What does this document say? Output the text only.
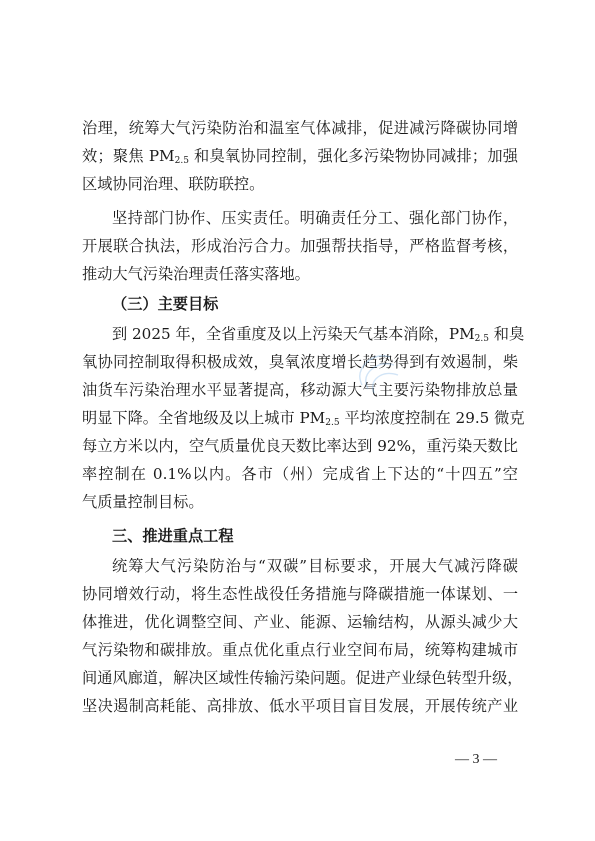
治理，统筹大气污染防治和温室气体减排，促进减污降碳协同增
效；聚焦 $PM_{2.5}$ 和臭氧协同控制，强化多污染物协同减排；加强
区域协同治理、联防联控。
坚持部门协作、压实责任。明确责任分工、强化部门协作，
开展联合执法，形成治污合力。加强帮扶指导，严格监督考核，
推动大气污染治理责任落实落地。
（三）主要目标
到 2025 年，全省重度及以上污染天气基本消除，$PM_{2.5}$ 和臭
氧协同控制取得积极成效，臭氧浓度增长趋势得到有效遏制，柴
油货车污染治理水平显著提高，移动源大气主要污染物排放总量
明显下降。全省地级及以上城市 $PM_{2.5}$ 平均浓度控制在 29.5 微克
每立方米以内，空气质量优良天数比率达到 92%，重污染天数比
率控制在 0.1%以内。各市（州）完成省上下达的“十四五”空
气质量控制目标。
三、推进重点工程
统筹大气污染防治与“双碳”目标要求，开展大气减污降碳
协同增效行动，将生态性战役任务措施与降碳措施一体谋划、一
体推进，优化调整空间、产业、能源、运输结构，从源头减少大
气污染物和碳排放。重点优化重点行业空间布局，统筹构建城市
间通风廊道，解决区域性传输污染问题。促进产业绿色转型升级，
坚决遏制高耗能、高排放、低水平项目盲目发展，开展传统产业
— 3 —
